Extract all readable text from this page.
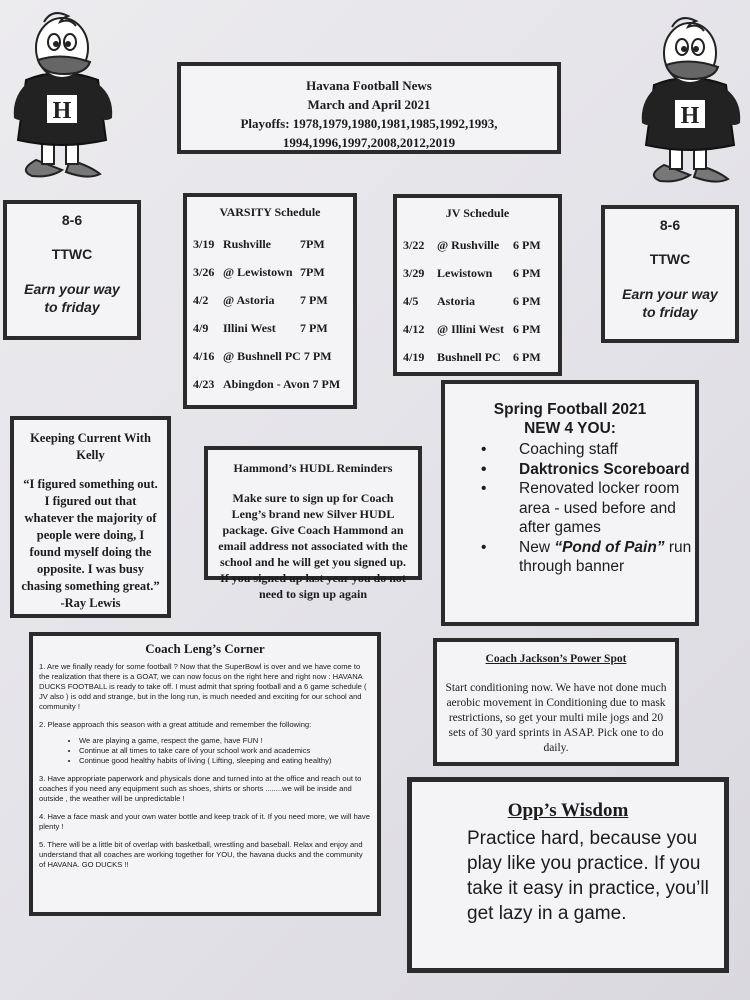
H	H
Havana Football News
March and April 2021
Playoffs: 1978,1979,1980,1981,1985,1992,1993,
1994,1996,1997,2008,2012,2019
8-6
TTWC
Earn your way
to friday
8-6
TTWC
Earn your way
to friday
VARSITY Schedule
3/19	Rushville	7PM
3/26	@ Lewistown	7PM
4/2	@ Astoria	7 PM
4/9	Illini West	7 PM
4/16	@ Bushnell PC 7 PM	
4/23	Abingdon - Avon 7 PM	
JV Schedule
3/22	@ Rushville	6 PM
3/29	Lewistown	6 PM
4/5	Astoria	6 PM
4/12	@ Illini West	6 PM
4/19	Bushnell PC	6 PM
Keeping Current With
Kelly
“I figured something out. I figured out that whatever the majority of people were doing, I found myself doing the opposite. I was busy chasing something great.”
-Ray Lewis
Hammond’s HUDL Reminders
Make sure to sign up for Coach Leng’s brand new Silver HUDL package. Give Coach Hammond an email address not associated with the school and he will get you signed up. If you signed up last year you do not need to sign up again
Spring Football 2021
NEW 4 YOU:
• Coaching staff
• Daktronics Scoreboard
• Renovated locker room area - used before and after games
• New “Pond of Pain” run through banner
Coach Leng’s Corner

1. Are we finally ready for some football ? Now that the SuperBowl is over and we have come to the realization that there is a GOAT, we can now focus on the right here and right now : HAVANA DUCKS FOOTBALL is ready to take off. I must admit that spring football and a 6 game schedule ( JV also ) is odd and strange, but in the long run, is much needed and exciting for our school and community !

2. Please approach this season with a great attitude and remember the following:

• We are playing a game, respect the game, have FUN !
• Continue at all times to take care of your school work and academics
• Continue good healthy habits of living ( Lifting, sleeping and eating healthy)

3. Have appropriate paperwork and physicals done and turned into at the office and reach out to coaches if you need any equipment such as shoes, shirts or shorts ........we will be inside and outside , the weather will be unpredictable !

4. Have a face mask and your own water bottle and keep track of it. If you need more, we will have plenty !

5. There will be a little bit of overlap with basketball, wrestling and baseball. Relax and enjoy and understand that all coaches are working together for YOU, the havana ducks and the community of HAVANA. GO DUCKS !!

Coach Jackson’s Power Spot
Start conditioning now. We have not done much aerobic movement in Conditioning due to mask restrictions, so get your multi mile jogs and 20 sets of 30 yard sprints in ASAP. Pick one to do daily.
Opp’s Wisdom
Practice hard, because you play like you practice. If you take it easy in practice, you’ll get lazy in a game.
